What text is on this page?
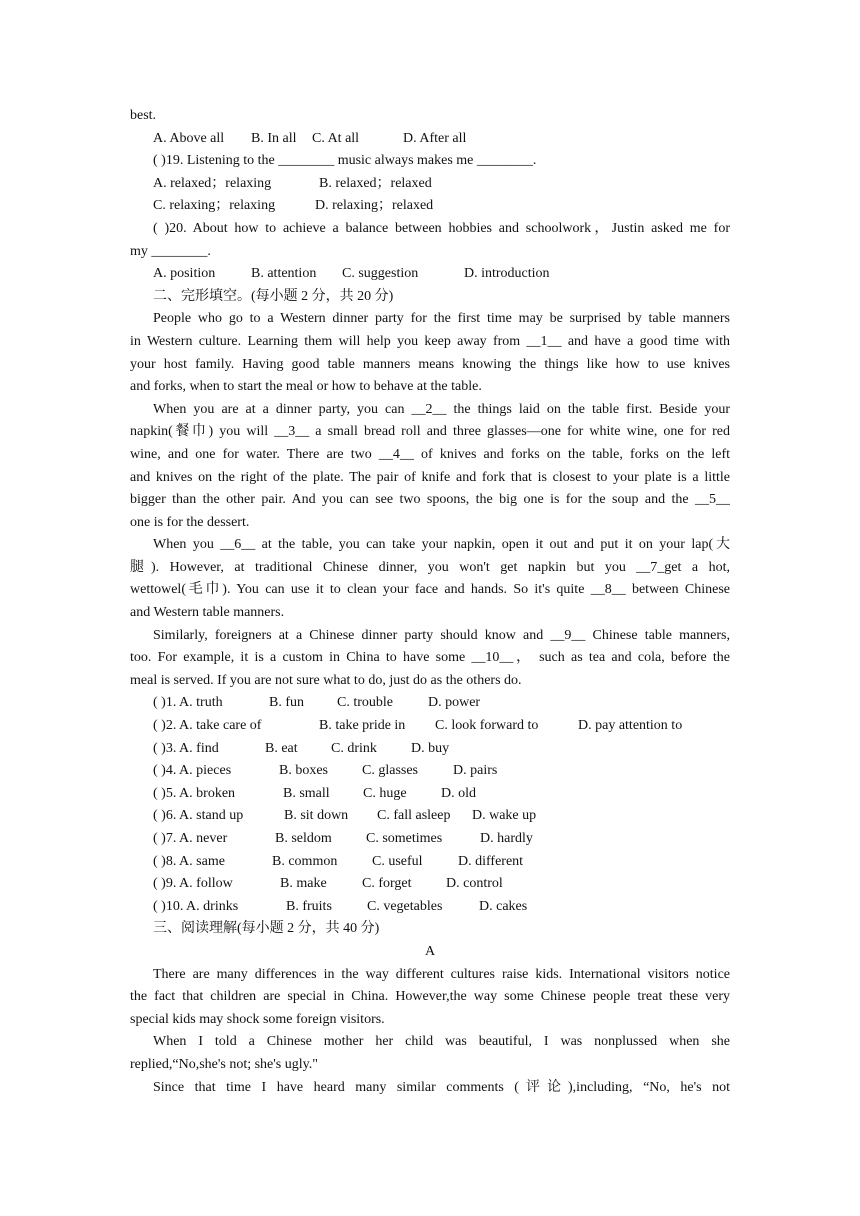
best.
A. Above all B. In all C. At all	D. After all
( )19. Listening to the ________ music always makes me ________.
A. relaxed；relaxing	B. relaxed；relaxed
C. relaxing；relaxing	D. relaxing；relaxed
( )20. About how to achieve a balance between hobbies and schoolwork，Justin asked me for
my ________.
A. position	B. attention C. suggestion	D. introduction
二、完形填空。(每小题 2 分，共 20 分)
People who go to a Western dinner party for the first time may be surprised by table manners
in Western culture. Learning them will help you keep away from __1__ and have a good time with
your host family. Having good table manners means knowing the things like how to use knives
and forks, when to start the meal or how to behave at the table.
When you are at a dinner party, you can __2__ the things laid on the table first. Beside your
napkin(餐巾) you will __3__ a small bread roll and three glasses—one for white wine, one for red
wine, and one for water. There are two __4__ of knives and forks on the table, forks on the left
and knives on the right of the plate. The pair of knife and fork that is closest to your plate is a little
bigger than the other pair. And you can see two spoons, the big one is for the soup and the __5__
one is for the dessert.
When you __6__ at the table, you can take your napkin, open it out and put it on your lap(大
腿). However, at traditional Chinese dinner, you won't get napkin but you __7_get a hot,
wettowel(毛巾). You can use it to clean your face and hands. So it's quite __8__ between Chinese
and Western table manners.
Similarly, foreigners at a Chinese dinner party should know and __9__ Chinese table manners,
too. For example, it is a custom in China to have some __10__， such as tea and cola, before the
meal is served. If you are not sure what to do, just do as the others do.
( )1. A. truth	B. fun C. trouble	D. power
( )2. A. take care of	B. take pride in C. look forward to	D. pay attention to
( )3. A. find	B. eat C. drink D. buy
( )4. A. pieces	B. boxes C. glasses	D. pairs
( )5. A. broken	B. small C. huge D. old
( )6. A. stand up	B. sit down C. fall asleep D. wake up
( )7. A. never	B. seldom C. sometimes	D. hardly
( )8. A. same	B. common C. useful	D. different
( )9. A. follow	B. make	C. forget D. control
( )10. A. drinks	B. fruits	C. vegetables	D. cakes
三、阅读理解(每小题 2 分，共 40 分)
A
There are many differences in the way different cultures raise kids. International visitors notice
the fact that children are special in China. However,the way some Chinese people treat these very
special kids may shock some foreign visitors.
When I told a Chinese mother her child was beautiful, I was nonplussed when she
replied,“No,she's not; she's ugly."
Since that time I have heard many similar comments (评论),including, “No, he's not
